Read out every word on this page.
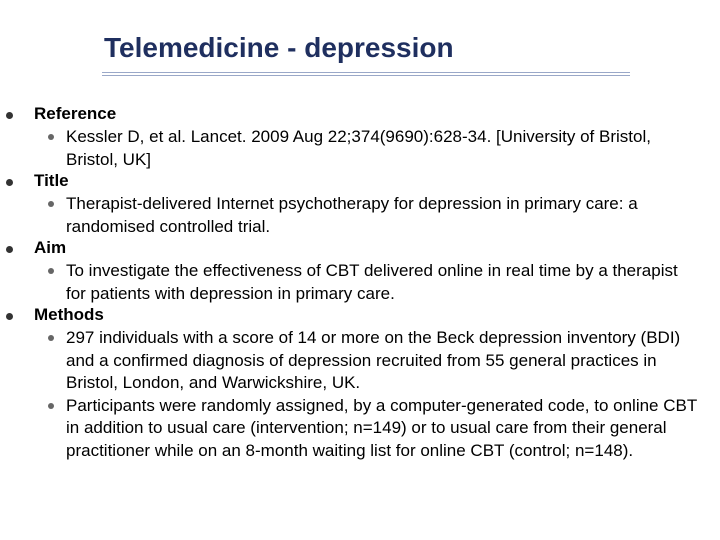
Telemedicine - depression
Reference
Kessler D, et al. Lancet. 2009 Aug 22;374(9690):628-34. [University of Bristol, Bristol, UK]
Title
Therapist-delivered Internet psychotherapy for depression in primary care: a randomised controlled trial.
Aim
To investigate the effectiveness of CBT delivered online in real time by a therapist for patients with depression in primary care.
Methods
297 individuals with a score of 14 or more on the Beck depression inventory (BDI) and a confirmed diagnosis of depression recruited from 55 general practices in Bristol, London, and Warwickshire, UK.
Participants were randomly assigned, by a computer-generated code, to online CBT in addition to usual care (intervention; n=149) or to usual care from their general practitioner while on an 8-month waiting list for online CBT (control; n=148).
